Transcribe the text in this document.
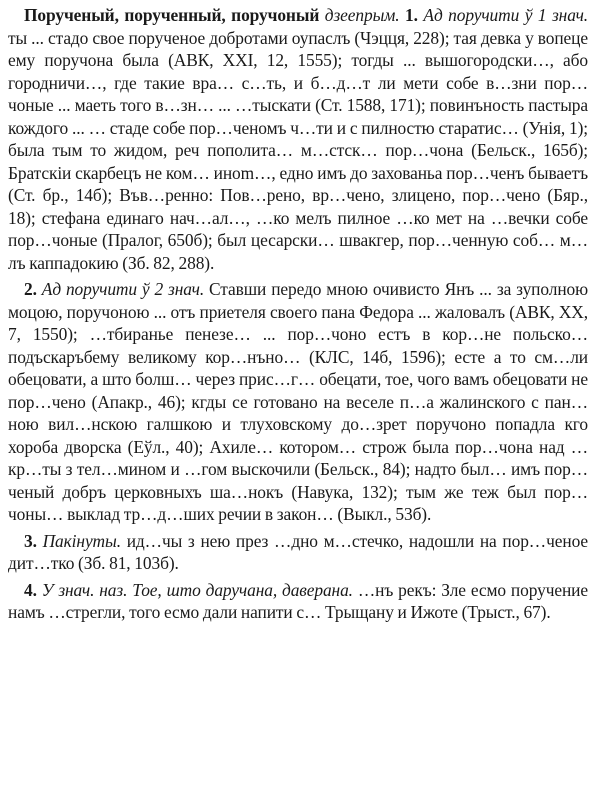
Порученый, порученный, поручоный дзеепрым. 1. Ад поручити ў 1 знач. ты ... стадо свое порученое добротами оупаслъ (Чэцця, 228); тая девка у вопеце ему поручона была (АВК, XXI, 12, 1555); тогды ... вышогородски…, або городничи…, где такие вра… с…ть, и б…д…т ли мети собе в…зни пор…чоные ... маеть того в…зн… ... …тыскати (Ст. 1588, 171); повинъность пастыра кождого ... … стаде собе пор…ченомъ ч…ти и с пилностю старатис… (Унія, 1); была тым то жидом, реч пополита… м…стск… пор…чона (Бельск., 165б); Братскiи скарбецъ не ком… иноm…, едно имъ до захованьа пор…ченъ бываетъ (Ст. бр., 14б); Във…ренно: Пов…рено, вр…чено, злицено, пор…чено (Бяр., 18); стефана единаго нач…ал…, …ко мелъ пилное …ко мет на …вечки собе пор…чоные (Пралог, 650б); был цесарски… швакгер, пор…ченную соб… м…лъ каппадокию (Зб. 82, 288).

2. Ад поручити ў 2 знач. Ставши передо мною очивисто Янъ ... за зуполною моцою, поручоною ... отъ приетеля своего пана Федора ... жаловалъ (АВК, XX, 7, 1550); …тбиранье пенезе… ... пор…чоно естъ в кор…не польско… подъскаръбему великому кор…нъно… (КЛС, 14б, 1596); есте а то см…ли обецовати, а што болш… через прис…г… обецати, тое, чого вамъ обецовати не пор…чено (Апакр., 46); кгды се готовано на веселе п…а жалинского с пан…ною вил…нскою галшкою и тлуховскому до…зрет поручоно попадла кго хороба дворска (Еўл., 40); Ахиле… котором… строж была пор…чона над …кр…ты з тел…мином и …гом выскочили (Бельск., 84); надто был… имъ пор…ченый добръ церковныхъ ша…нокъ (Навука, 132); тым же теж был пор…чоны… выклад тр…д…ших речии в закон… (Выкл., 53б).

3. Пакінуты. ид…чы з нею през …дно м…стечко, надошли на пор…ченое дит…тко (Зб. 81, 103б).

4. У знач. наз. Тое, што даручана, даверана. …нъ рекъ: Зле есмо поручение намъ …стрегли, того есмо дали напити с… Трыщану и Ижоте (Трыст., 67).
